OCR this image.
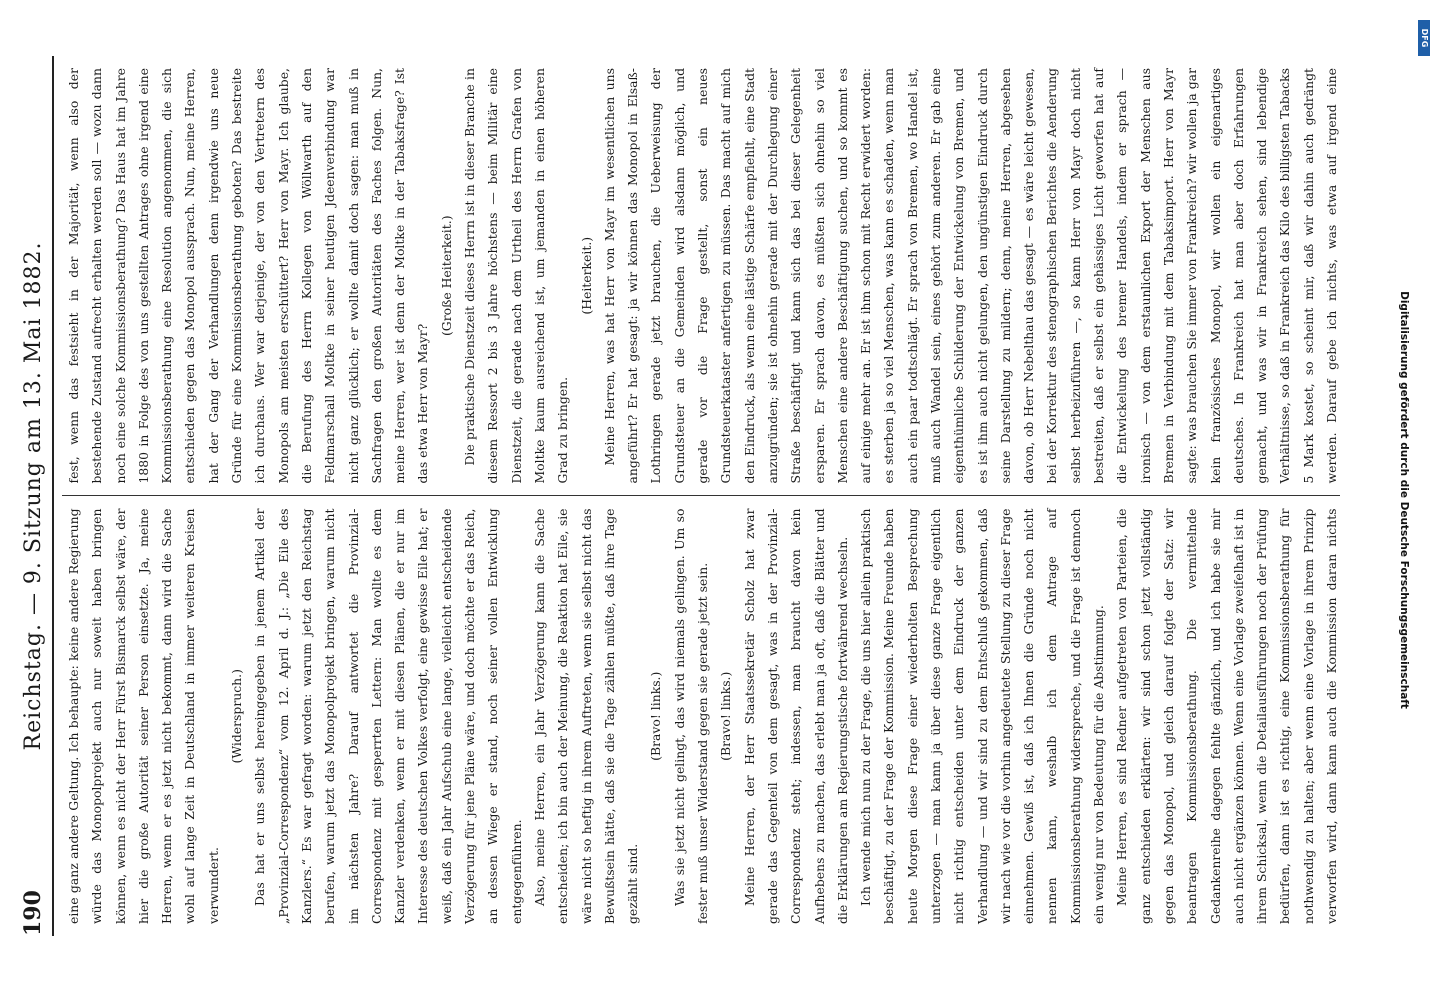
190
Reichstag. — 9. Sitzung am 13. Mai 1882.	eine ganz andere Geltung. Ich behaupte: keine andere Regierung würde das Monopolprojekt auch nur soweit haben bringen können, wenn es nicht der Herr Fürst Bismarck selbst wäre, der hier die große Autorität seiner Person einsetzte. Ja, meine Herren, wenn er es jetzt nicht bekommt, dann wird die Sache wohl auf lange Zeit in Deutschland in immer weiteren Kreisen verwundert.

(Widerspruch.) Das hat er uns selbst hereingegeben in jenem Artikel der „Provinzial-Correspondenz“ vom 12. April d. J.: „Die Eile des Kanzlers.“ Es war gefragt worden: warum jetzt den Reichstag berufen, warum jetzt das Monopolprojekt bringen, warum nicht im nächsten Jahre? Darauf antwortet die Provinzial-Correspondenz mit gesperrten Lettern: Man wollte es dem Kanzler verdenken, wenn er mit diesen Plänen, die er nur im Interesse des deutschen Volkes verfolgt, eine gewisse Eile hat; er weiß, daß ein Jahr Aufschub eine lange, vielleicht entscheidende Verzögerung für jene Pläne wäre, und doch möchte er das Reich, an dessen Wiege er stand, noch seiner vollen Entwicklung entgegenführen. Also, meine Herren, ein Jahr Verzögerung kann die Sache entscheiden; ich bin auch der Meinung, die Reaktion hat Eile, sie wäre nicht so heftig in ihrem Auftreten, wenn sie selbst nicht das Bewußtsein hätte, daß sie die Tage zählen müßte, daß ihre Tage gezählt sind.

(Bravo! links.) Was sie jetzt nicht gelingt, das wird niemals gelingen. Um so fester muß unser Widerstand gegen sie gerade jetzt sein. (Bravo! links.) Meine Herren, der Herr Staatssekretär Scholz hat zwar gerade das Gegenteil von dem gesagt, was in der Provinzial-Correspondenz steht; indessen, man braucht davon kein Aufhebens zu machen, das erlebt man ja oft, daß die Blätter und die Erklärungen am Regierungstische fortwährend wechseln. Ich wende mich nun zu der Frage, die uns hier allein praktisch beschäftigt, zu der Frage der Kommission. Meine Freunde haben heute Morgen diese Frage einer wiederholten Besprechung unterzogen — man kann ja über diese ganze Frage eigentlich nicht richtig entscheiden unter dem Eindruck der ganzen Verhandlung — und wir sind zu dem Entschluß gekommen, daß wir nach wie vor die vorhin angedeutete Stellung zu dieser Frage einnehmen. Gewiß ist, daß ich Ihnen die Gründe noch nicht nennen kann, weshalb ich dem Antrage auf Kommissionsberathung widerspreche, und die Frage ist dennoch ein wenig nur von Bedeutung für die Abstimmung. Meine Herren, es sind Redner aufgetreten von Parteien, die ganz entschieden erklärten: wir sind schon jetzt vollständig gegen das Monopol, und gleich darauf folgte der Satz: wir beantragen Kommissionsberathung. Die vermittelnde Gedankenreihe dagegen fehlte gänzlich, und ich habe sie mir auch nicht ergänzen können. Wenn eine Vorlage zweifelhaft ist in ihrem Schicksal, wenn die Detailausführungen noch der Prüfung bedürfen, dann ist es richtig, eine Kommissionsberathung für nothwendig zu halten; aber wenn eine Vorlage in ihrem Prinzip verworfen wird, dann kann auch die Kommission daran nichts

fest, wenn das festsieht in der Majorität, wenn also der bestehende Zustand aufrecht erhalten werden soll — wozu dann noch eine solche Kommissionsberathung? Das Haus hat im Jahre 1880 in Folge des von uns gestellten Antrages ohne irgend eine Kommissionsberathung eine Resolution angenommen, die sich entschieden gegen das Monopol aussprach. Nun, meine Herren, hat der Gang der Verhandlungen denn irgendwie uns neue Gründe für eine Kommissionsberathung geboten? Das bestreite ich durchaus. Wer war derjenige, der von den Vertretern des Monopols am meisten erschüttert? Herr von Mayr. Ich glaube, die Berufung des Herrn Kollegen von Wöllwarth auf den Feldmarschall Moltke in seiner heutigen Jdeenverbindung war nicht ganz glücklich; er wollte damit doch sagen: man muß in Sachfragen den großen Autoritäten des Faches folgen. Nun, meine Herren, wer ist denn der Moltke in der Tabaksfrage? Ist das etwa Herr von Mayr?

(Große Heiterkeit.) Die praktische Dienstzeit dieses Herrn ist in dieser Branche in diesem Ressort 2 bis 3 Jahre höchstens — beim Militär eine Dienstzeit, die gerade nach dem Urtheil des Herrn Grafen von Moltke kaum ausreichend ist, um jemanden in einen höheren Grad zu bringen.

(Heiterkeit.)

Meine Herren, was hat Herr von Mayr im wesentlichen uns angeführt? Er hat gesagt: ja wir können das Monopol in Elsaß-Lothringen gerade jetzt brauchen, die Ueberweisung der Grundsteuer an die Gemeinden wird alsdann möglich, und gerade vor die Frage gestellt, sonst ein neues Grundsteuerkataster anfertigen zu müssen. Das macht auf mich den Eindruck, als wenn eine lästige Schärfe empfiehlt, eine Stadt anzugründen; sie ist ohnehin gerade mit der Durchlegung einer Straße beschäftigt und kann sich das bei dieser Gelegenheit ersparen. Er sprach davon, es müßten sich ohnehin so viel Menschen eine andere Beschäftigung suchen, und so kommt es auf einige mehr an. Er ist ihm schon mit Recht erwidert worden: es sterben ja so viel Menschen, was kann es schaden, wenn man auch ein paar todtschlägt. Er sprach von Bremen, wo Handel ist, muß auch Wandel sein, eines gehört zum anderen. Er gab eine eigenthümliche Schilderung der Entwickelung von Bremen, und es ist ihm auch nicht gelungen, den ungünstigen Eindruck durch seine Darstellung zu mildern; denn, meine Herren, abgesehen davon, ob Herr Nebelthau das gesagt — es wäre leicht gewesen, bei der Korrektur des stenographischen Berichtes die Aenderung selbst herbeizuführen —, so kann Herr von Mayr doch nicht bestreiten, daß er selbst ein gehässiges Licht geworfen hat auf die Entwickelung des bremer Handels, indem er sprach — ironisch — von dem erstaunlichen Export der Menschen aus Bremen in Verbindung mit dem Tabaksimport. Herr von Mayr sagte: was brauchen Sie immer von Frankreich? wir wollen ja gar kein französisches Monopol, wir wollen ein eigenartiges deutsches. In Frankreich hat man aber doch Erfahrungen gemacht, und was wir in Frankreich sehen, sind lebendige Verhältnisse, so daß in Frankreich das Kilo des billigsten Tabacks 5 Mark kostet, so scheint mir, daß wir dahin auch gedrängt werden. Darauf gebe ich nichts, was etwa auf irgend eine

Digitalisierung gefördert durch die Deutsche Forschungsgemeinschaft
DFG
